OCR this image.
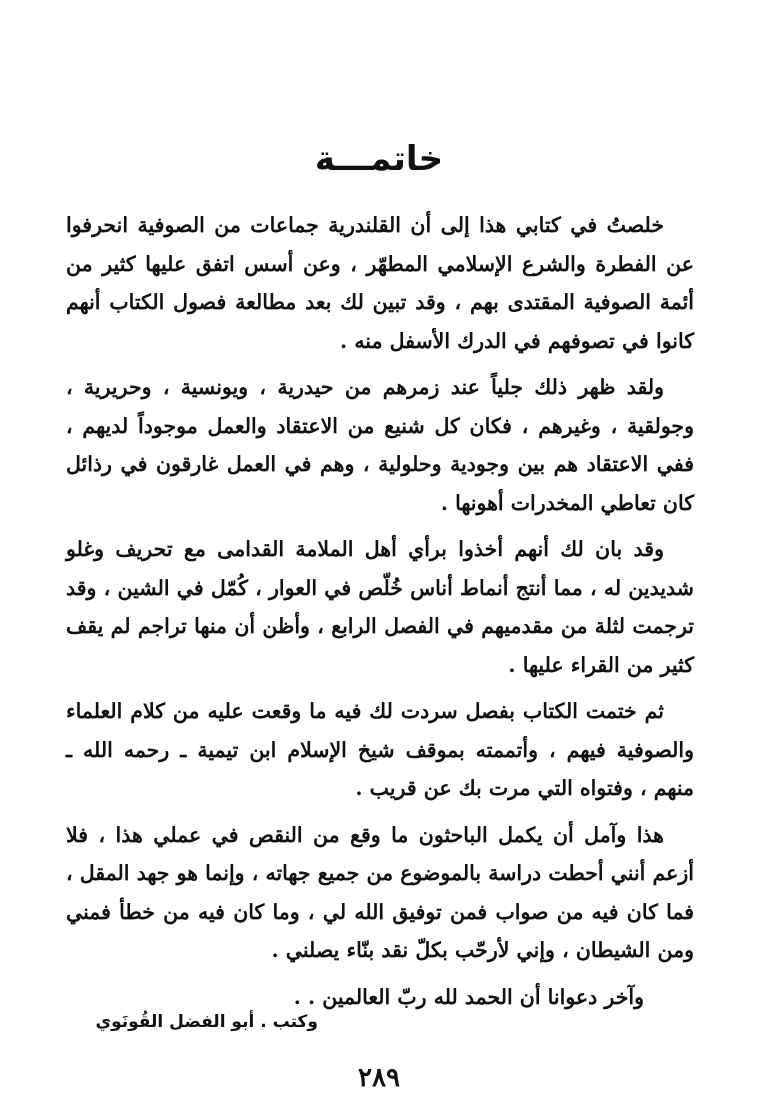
خاتمـــة

خلصتُ في كتابي هذا إلى أن القلندرية جماعات من الصوفية انحرفوا عن الفطرة والشرع الإسلامي المطهّر ، وعن أسس اتفق عليها كثير من أئمة الصوفية المقتدى بهم ، وقد تبين لك بعد مطالعة فصول الكتاب أنهم كانوا في تصوفهم في الدرك الأسفل منه .

ولقد ظهر ذلك جلياً عند زمرهم من حيدرية ، ويونسية ، وحريرية ، وجولقية ، وغيرهم ، فكان كل شنيع من الاعتقاد والعمل موجوداً لديهم ، ففي الاعتقاد هم بين وجودية وحلولية ، وهم في العمل غارقون في رذائل كان تعاطي المخدرات أهونها .

وقد بان لك أنهم أخذوا برأي أهل الملامة القدامى مع تحريف وغلو شديدين له ، مما أنتج أنماط أناس خُلّص في العوار ، كُمّل في الشين ، وقد ترجمت لثلة من مقدميهم في الفصل الرابع ، وأظن أن منها تراجم لم يقف كثير من القراء عليها .

ثم ختمت الكتاب بفصل سردت لك فيه ما وقعت عليه من كلام العلماء والصوفية فيهم ، وأتممته بموقف شيخ الإسلام ابن تيمية ـ رحمه الله ـ منهم ، وفتواه التي مرت بك عن قريب .

هذا وآمل أن يكمل الباحثون ما وقع من النقص في عملي هذا ، فلا أزعم أنني أحطت دراسة بالموضوع من جميع جهاته ، وإنما هو جهد المقل ، فما كان فيه من صواب فمن توفيق الله لي ، وما كان فيه من خطأ فمني ومن الشيطان ، وإني لأرحّب بكلّ نقد بنّاء يصلني .

وآخر دعوانا أن الحمد لله ربّ العالمين . .

وكتب . أبو الفضل القُونَوي
٢٨٩
